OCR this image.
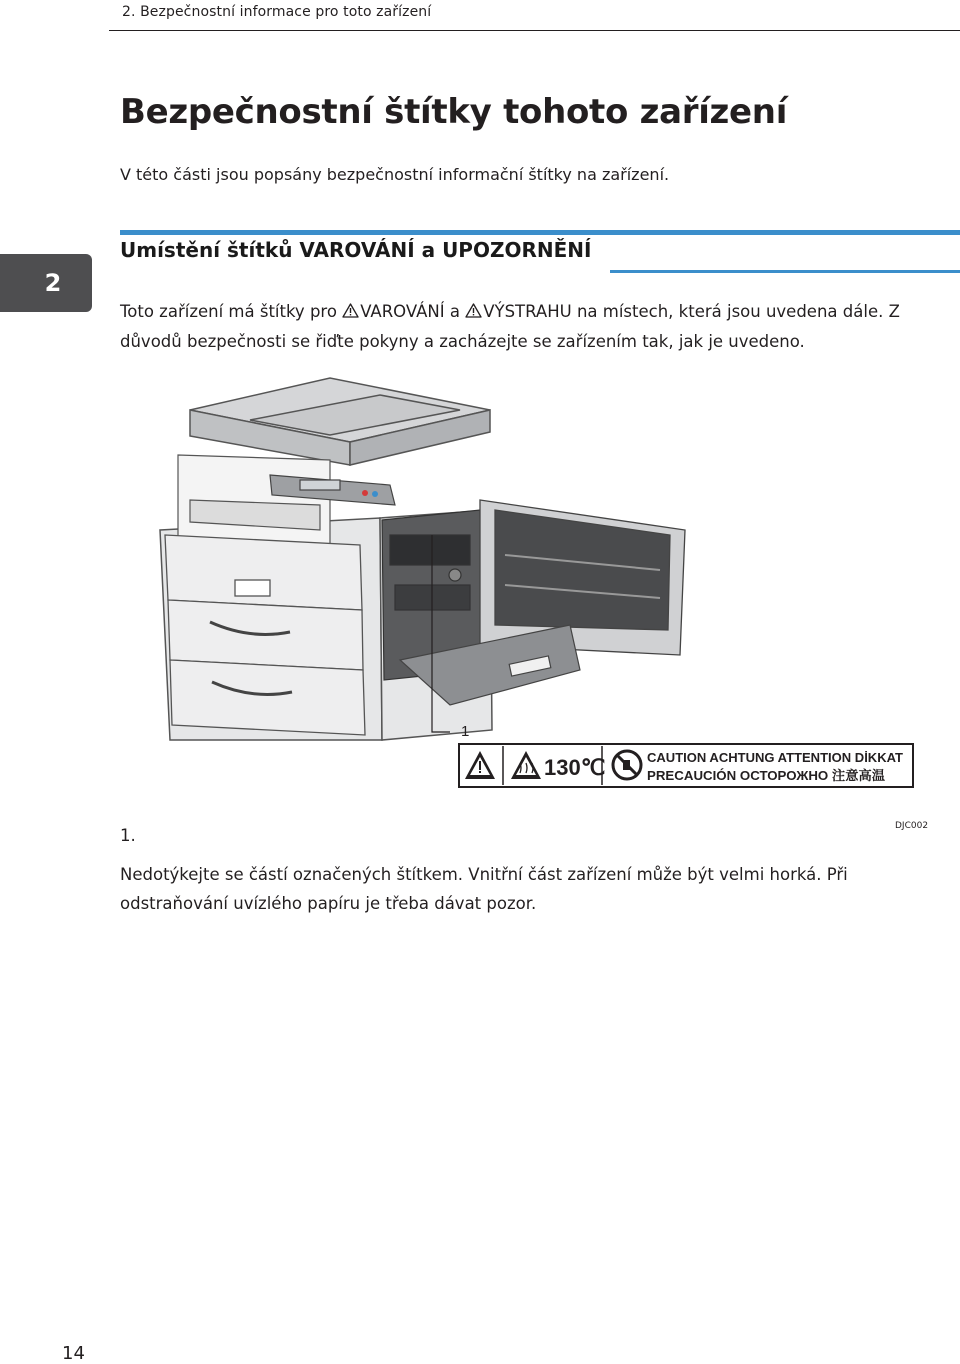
2. Bezpečnostní informace pro toto zařízení
Bezpečnostní štítky tohoto zařízení

V této části jsou popsány bezpečnostní informační štítky na zařízení.

Umístění štítků VAROVÁNÍ a UPOZORNĚNÍ
2

Toto zařízení má štítky pro VAROVÁNÍ a VÝSTRAHU na místech, která jsou uvedena dále. Z důvodů bezpečnosti se řiďte pokyny a zacházejte se zařízením tak, jak je uvedeno.

1
130℃	CAUTION ACHTUNG ATTENTION DİKKAT
PRECAUCIÓN ОСТОРОЖНО 注意高温
DJC002
1.

Nedotýkejte se částí označených štítkem. Vnitřní část zařízení může být velmi horká. Při odstraňování uvízlého papíru je třeba dávat pozor.

14
